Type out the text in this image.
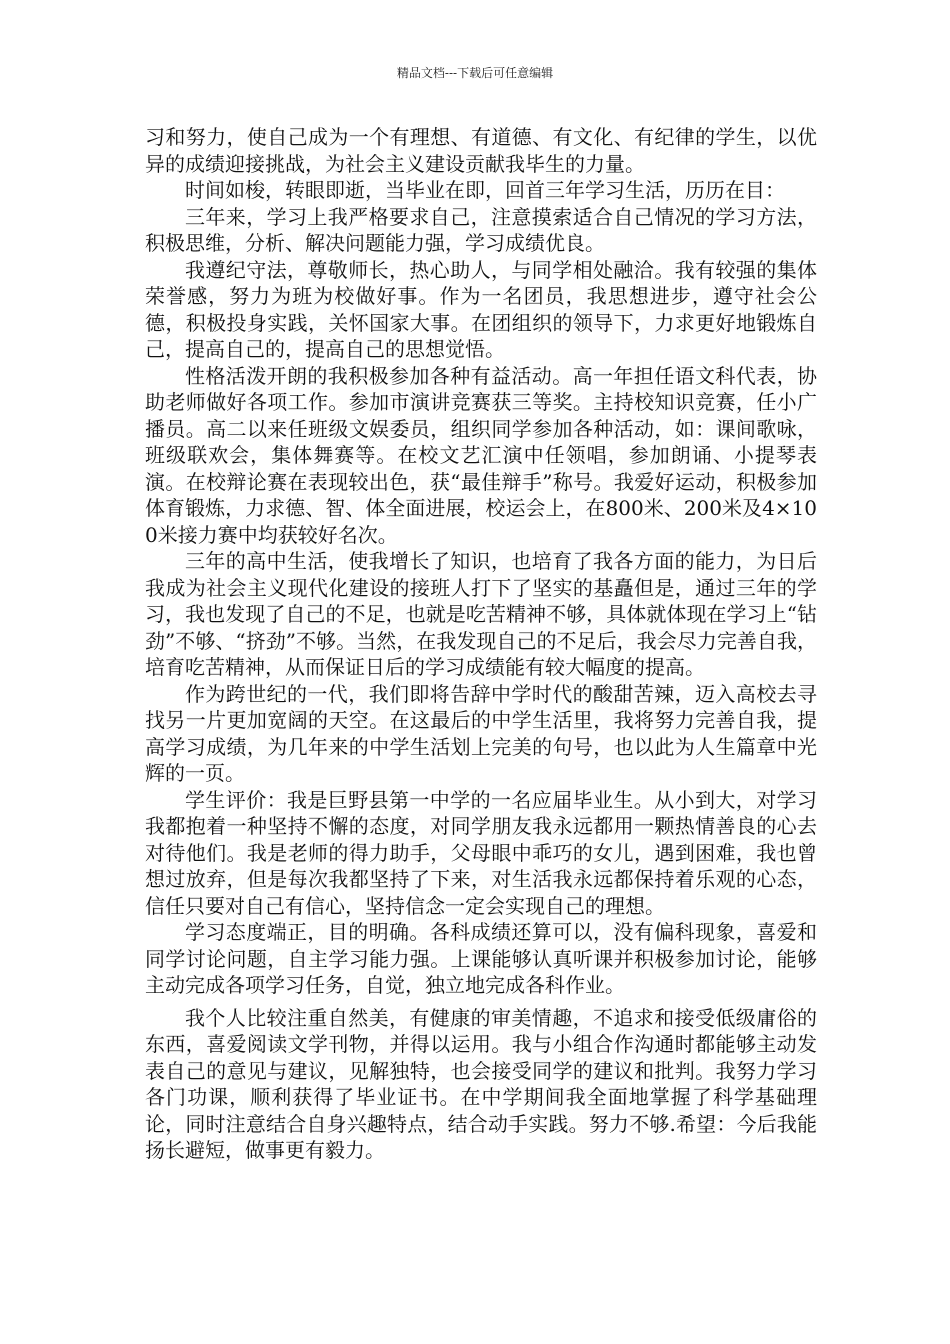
精品文档---下载后可任意编辑

习和努力，使自己成为一个有理想、有道德、有文化、有纪律的学生，以优异的成绩迎接挑战，为社会主义建设贡献我毕生的力量。

时间如梭，转眼即逝，当毕业在即，回首三年学习生活，历历在目：

三年来，学习上我严格要求自己，注意摸索适合自己情况的学习方法，积极思维，分析、解决问题能力强，学习成绩优良。

我遵纪守法，尊敬师长，热心助人，与同学相处融洽。我有较强的集体荣誉感，努力为班为校做好事。作为一名团员，我思想进步，遵守社会公德，积极投身实践，关怀国家大事。在团组织的领导下，力求更好地锻炼自己，提高自己的，提高自己的思想觉悟。

性格活泼开朗的我积极参加各种有益活动。高一年担任语文科代表，协助老师做好各项工作。参加市演讲竞赛获三等奖。主持校知识竞赛，任小广播员。高二以来任班级文娱委员，组织同学参加各种活动，如：课间歌咏，班级联欢会，集体舞赛等。在校文艺汇演中任领唱，参加朗诵、小提琴表演。在校辩论赛在表现较出色，获“最佳辩手”称号。我爱好运动，积极参加体育锻炼，力求德、智、体全面进展，校运会上，在800米、200米及4×100米接力赛中均获较好名次。

三年的高中生活，使我增长了知识，也培育了我各方面的能力，为日后我成为社会主义现代化建设的接班人打下了坚实的基矗但是，通过三年的学习，我也发现了自己的不足，也就是吃苦精神不够，具体就体现在学习上“钻劲”不够、“挤劲”不够。当然，在我发现自己的不足后，我会尽力完善自我，培育吃苦精神，从而保证日后的学习成绩能有较大幅度的提高。

作为跨世纪的一代，我们即将告辞中学时代的酸甜苦辣，迈入高校去寻找另一片更加宽阔的天空。在这最后的中学生活里，我将努力完善自我，提高学习成绩，为几年来的中学生活划上完美的句号，也以此为人生篇章中光辉的一页。

学生评价：我是巨野县第一中学的一名应届毕业生。从小到大，对学习我都抱着一种坚持不懈的态度，对同学朋友我永远都用一颗热情善良的心去对待他们。我是老师的得力助手，父母眼中乖巧的女儿，遇到困难，我也曾想过放弃，但是每次我都坚持了下来，对生活我永远都保持着乐观的心态，信任只要对自己有信心，坚持信念一定会实现自己的理想。

学习态度端正，目的明确。各科成绩还算可以，没有偏科现象，喜爱和同学讨论问题，自主学习能力强。上课能够认真听课并积极参加讨论，能够主动完成各项学习任务，自觉，独立地完成各科作业。

我个人比较注重自然美，有健康的审美情趣，不追求和接受低级庸俗的东西，喜爱阅读文学刊物，并得以运用。我与小组合作沟通时都能够主动发表自己的意见与建议，见解独特，也会接受同学的建议和批判。我努力学习各门功课，顺利获得了毕业证书。在中学期间我全面地掌握了科学基础理论，同时注意结合自身兴趣特点，结合动手实践。努力不够.希望：今后我能扬长避短，做事更有毅力。
